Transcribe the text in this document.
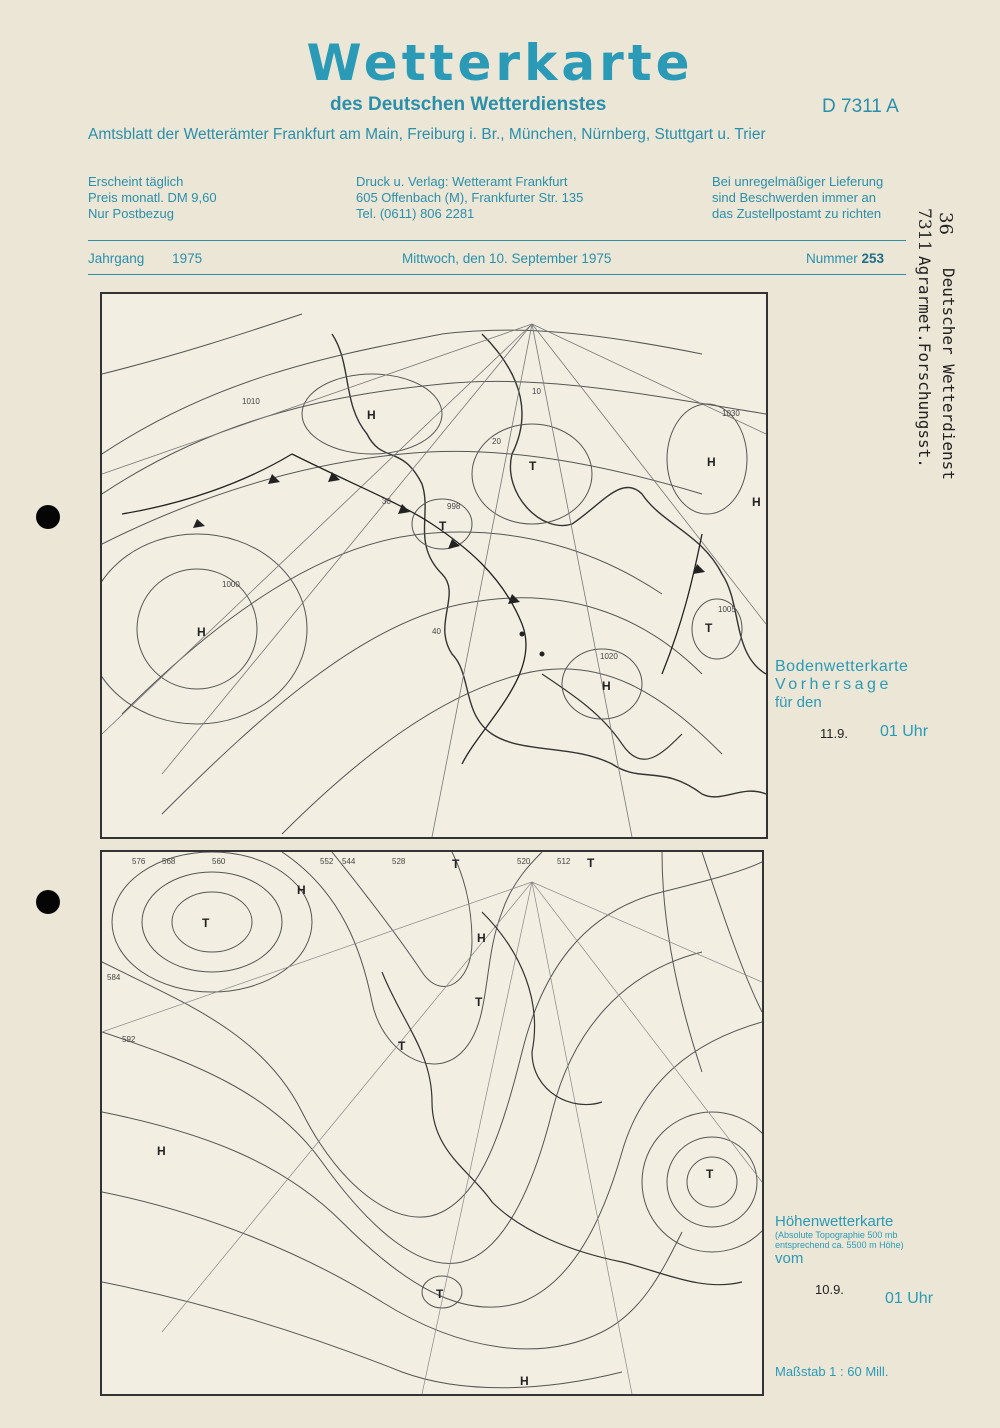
Wetterkarte
des Deutschen Wetterdienstes	D 7311 A
Amtsblatt der Wetterämter Frankfurt am Main, Freiburg i. Br., München, Nürnberg, Stuttgart u. Trier
Erscheint täglich
Preis monatl. DM 9,60
Nur Postbezug
Druck u. Verlag: Wetteramt Frankfurt
605 Offenbach (M), Frankfurter Str. 135
Tel. (0611) 806 2281
Bei unregelmäßiger Lieferung
sind Beschwerden immer an
das Zustellpostamt zu richten
Jahrgang 1975	Mittwoch, den 10. September 1975	Nummer 253
H
H
H
H
H
T
T
T
1000
1020
1030
1005
1010
998
40
30
20
10
Bodenwetterkarte
Vorhersage
für den
11.9. 01 Uhr
H
H
H
H
T
T	T
T
T
T
T
576 568	560	552 544	528	520	512
584
592
Höhenwetterkarte
(Absolute Topographie 500 mb
entsprechend ca. 5500 m Höhe)
vom
10.9.
01 Uhr
Maßstab 1 : 60 Mill.
Deutscher Wetterdienst
Agrarmet.Forschungsst.
36
7311
